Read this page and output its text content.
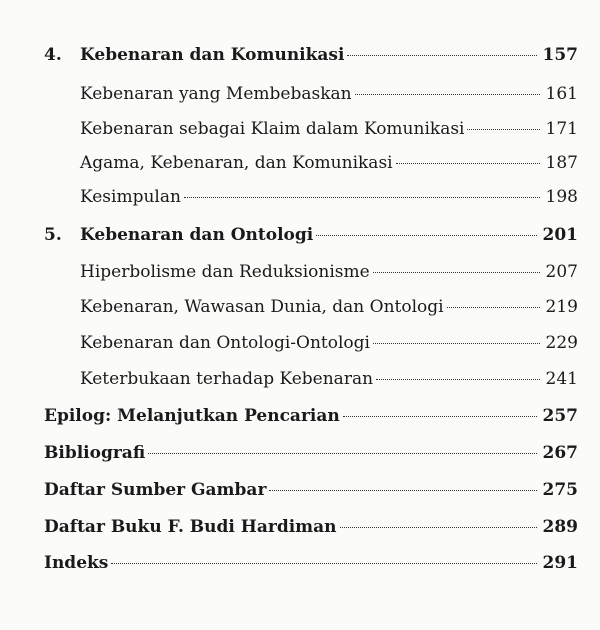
4.	Kebenaran dan Komunikasi	157
Kebenaran yang Membebaskan	161
Kebenaran sebagai Klaim dalam Komunikasi	171
Agama, Kebenaran, dan Komunikasi	187
Kesimpulan	198
5.	Kebenaran dan Ontologi	201
Hiperbolisme dan Reduksionisme	207
Kebenaran, Wawasan Dunia, dan Ontologi	219
Kebenaran dan Ontologi-Ontologi	229
Keterbukaan terhadap Kebenaran	241
Epilog: Melanjutkan Pencarian	257
Bibliografi	267
Daftar Sumber Gambar	275
Daftar Buku F. Budi Hardiman	289
Indeks	291
